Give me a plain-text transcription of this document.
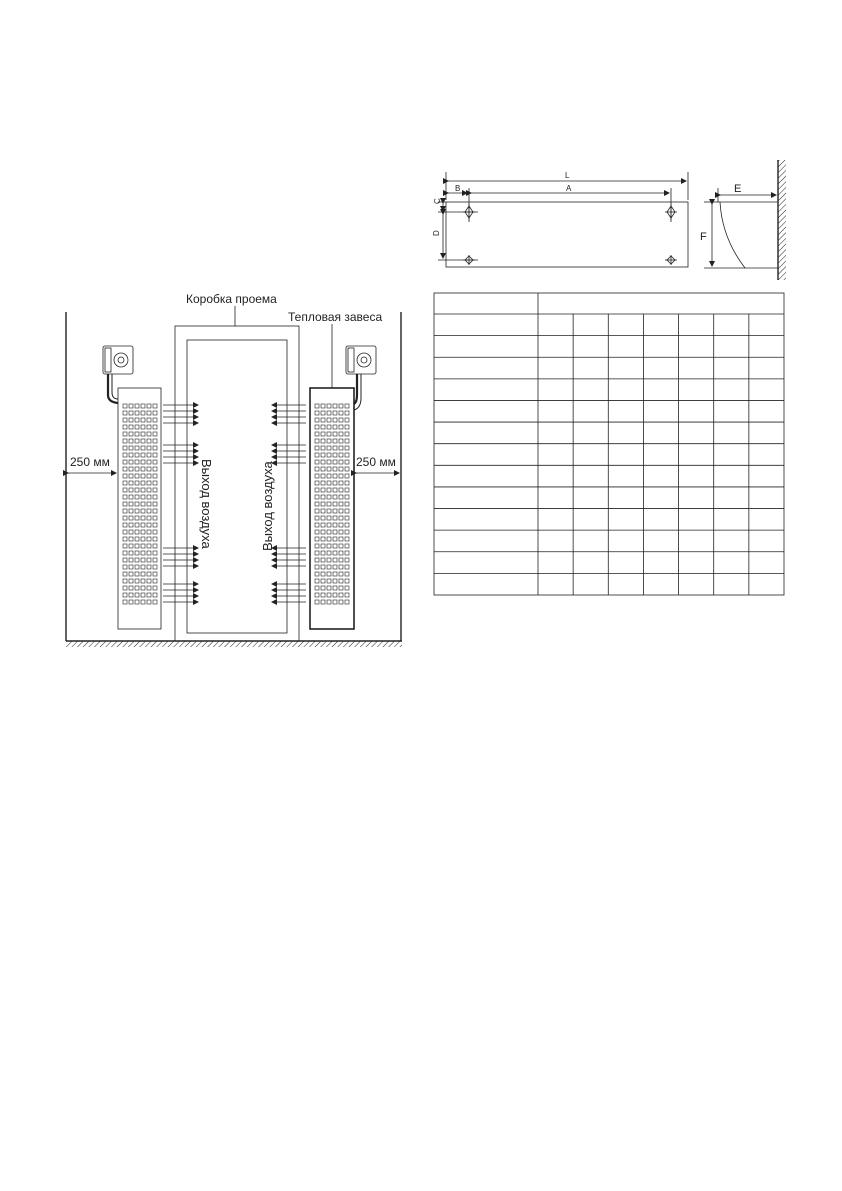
L
B	A
C
D
E
F
Коробка проема
Тепловая завеса
250 мм	250 мм
Выход воздуха	Выход воздуха
